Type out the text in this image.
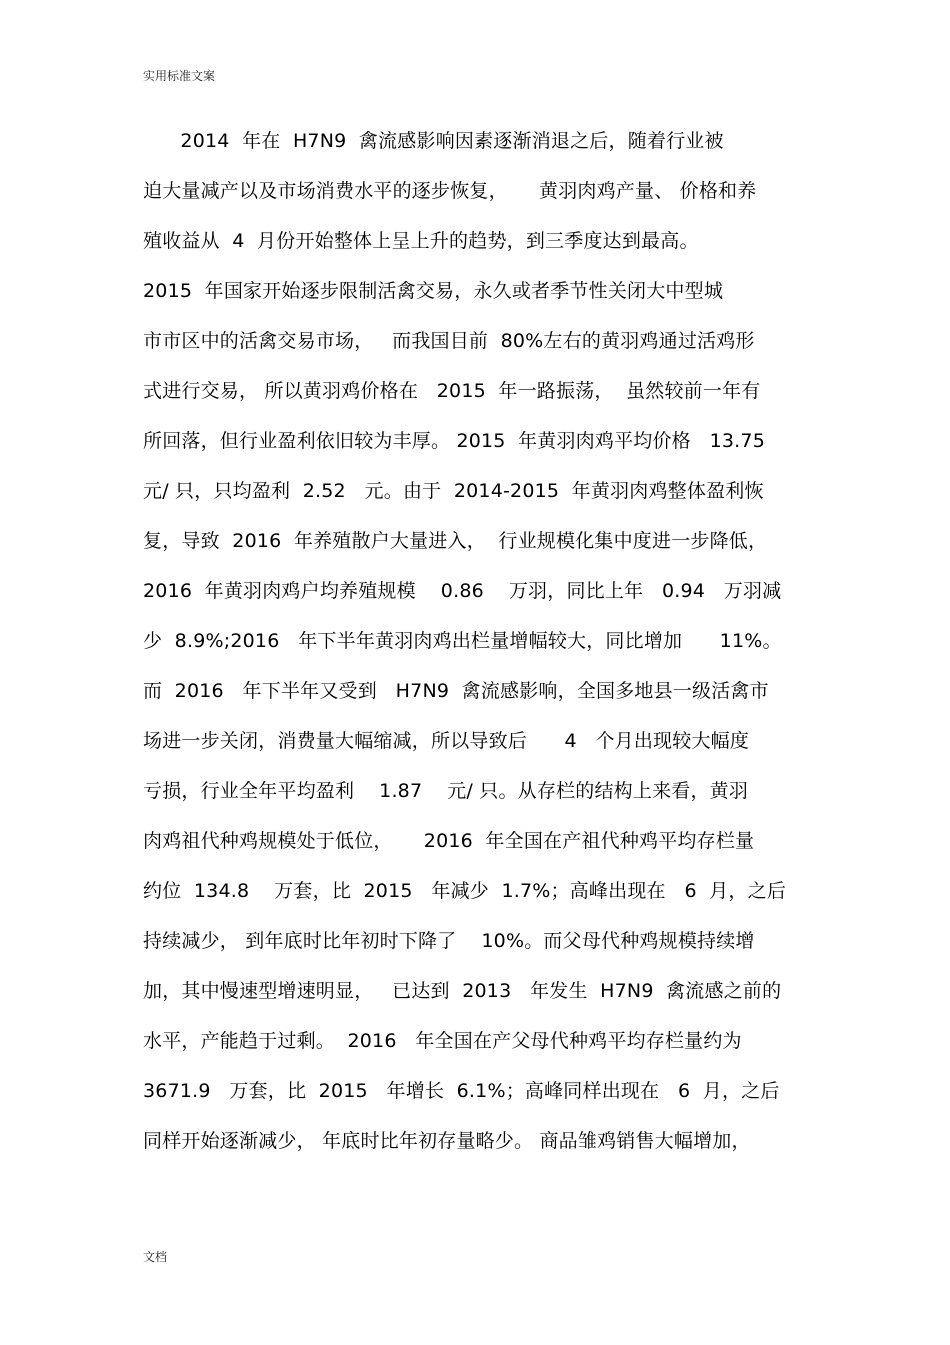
实用标准文案
2014  年在  H7N9  禽流感影响因素逐渐消退之后，随着行业被
迫大量减产以及市场消费水平的逐步恢复，     黄羽肉鸡产量、 价格和养
殖收益从  4  月份开始整体上呈上升的趋势，到三季度达到最高。
2015  年国家开始逐步限制活禽交易，永久或者季节性关闭大中型城
市市区中的活禽交易市场，   而我国目前  80%左右的黄羽鸡通过活鸡形
式进行交易， 所以黄羽鸡价格在   2015  年一路振荡，  虽然较前一年有
所回落，但行业盈利依旧较为丰厚。 2015  年黄羽肉鸡平均价格   13.75
元/ 只，只均盈利  2.52   元。由于  2014-2015  年黄羽肉鸡整体盈利恢
复，导致  2016  年养殖散户大量进入，  行业规模化集中度进一步降低，
2016  年黄羽肉鸡户均养殖规模    0.86    万羽，同比上年   0.94   万羽减
少  8.9%;2016   年下半年黄羽肉鸡出栏量增幅较大，同比增加      11%。
而  2016   年下半年又受到   H7N9  禽流感影响，全国多地县一级活禽市
场进一步关闭，消费量大幅缩减，所以导致后      4   个月出现较大幅度
亏损，行业全年平均盈利    1.87    元/ 只。从存栏的结构上来看，黄羽
肉鸡祖代种鸡规模处于低位，     2016  年全国在产祖代种鸡平均存栏量
约位  134.8    万套，比  2015   年减少  1.7%；高峰出现在   6  月，之后
持续减少， 到年底时比年初时下降了    10%。而父母代种鸡规模持续增
加，其中慢速型增速明显，   已达到  2013   年发生  H7N9  禽流感之前的
水平，产能趋于过剩。  2016   年全国在产父母代种鸡平均存栏量约为
3671.9   万套，比  2015   年增长  6.1%；高峰同样出现在   6  月，之后
同样开始逐渐减少， 年底时比年初存量略少。 商品雏鸡销售大幅增加，
文档
